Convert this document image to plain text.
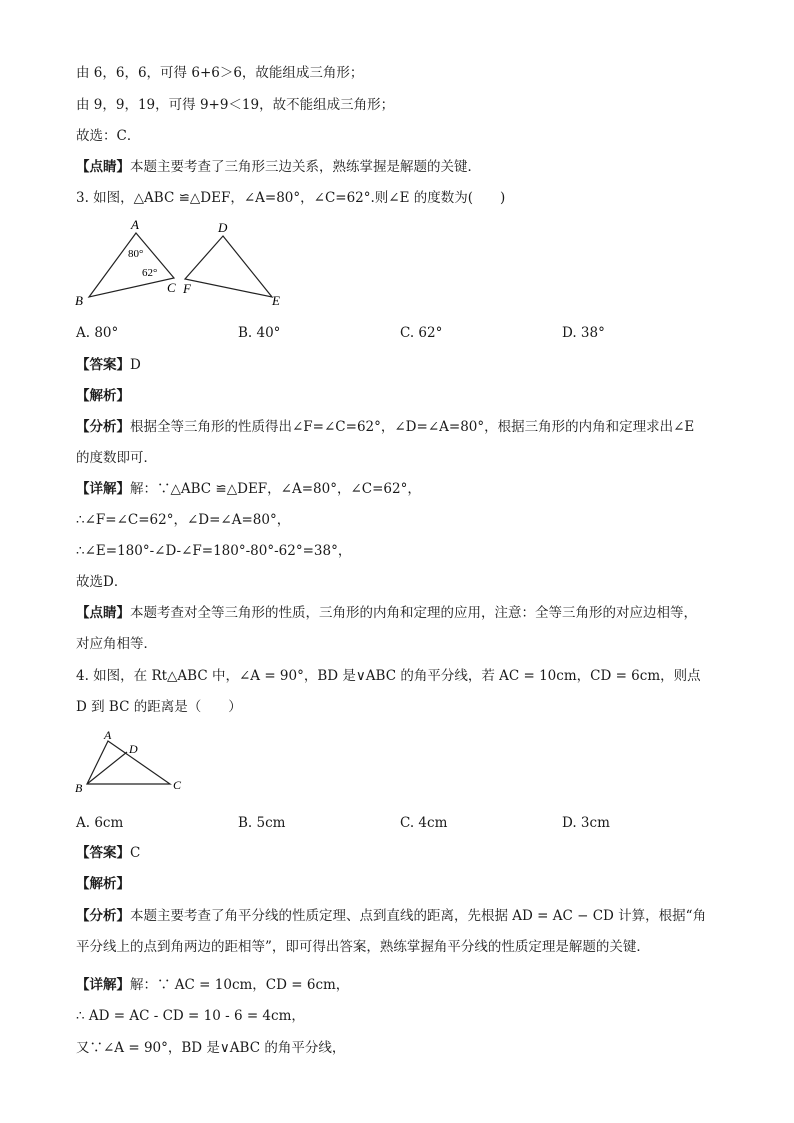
由 6，6，6，可得 6+6＞6，故能组成三角形；
由 9，9，19，可得 9+9＜19，故不能组成三角形；
故选：C．
【点睛】本题主要考查了三角形三边关系，熟练掌握是解题的关键．
3. 如图，△ABC ≌△DEF，∠A=80°，∠C=62°.则∠E 的度数为(　　)
A
B
C
D
E
F
80°
62°
A. 80°	B. 40°	C. 62°	D. 38°
【答案】D
【解析】
【分析】根据全等三角形的性质得出∠F=∠C=62°，∠D=∠A=80°，根据三角形的内角和定理求出∠E
的度数即可．
【详解】解：∵△ABC ≌△DEF，∠A=80°，∠C=62°，
∴∠F=∠C=62°，∠D=∠A=80°，
∴∠E=180°-∠D-∠F=180°-80°-62°=38°，
故选D．
【点睛】本题考查对全等三角形的性质，三角形的内角和定理的应用，注意：全等三角形的对应边相等，
对应角相等．
4. 如图，在 Rt△ABC 中，∠A = 90°，BD 是∨ABC 的角平分线，若 AC = 10cm，CD = 6cm，则点
D 到 BC 的距离是（　　）
A
B	C
D
A. 6cm	B. 5cm	C. 4cm	D. 3cm
【答案】C
【解析】
【分析】本题主要考查了角平分线的性质定理、点到直线的距离，先根据 AD = AC − CD 计算，根据“角
平分线上的点到角两边的距相等”，即可得出答案，熟练掌握角平分线的性质定理是解题的关键．
【详解】解：∵ AC = 10cm，CD = 6cm，
∴ AD = AC - CD = 10 - 6 = 4cm，
又∵∠A = 90°，BD 是∨ABC 的角平分线，
